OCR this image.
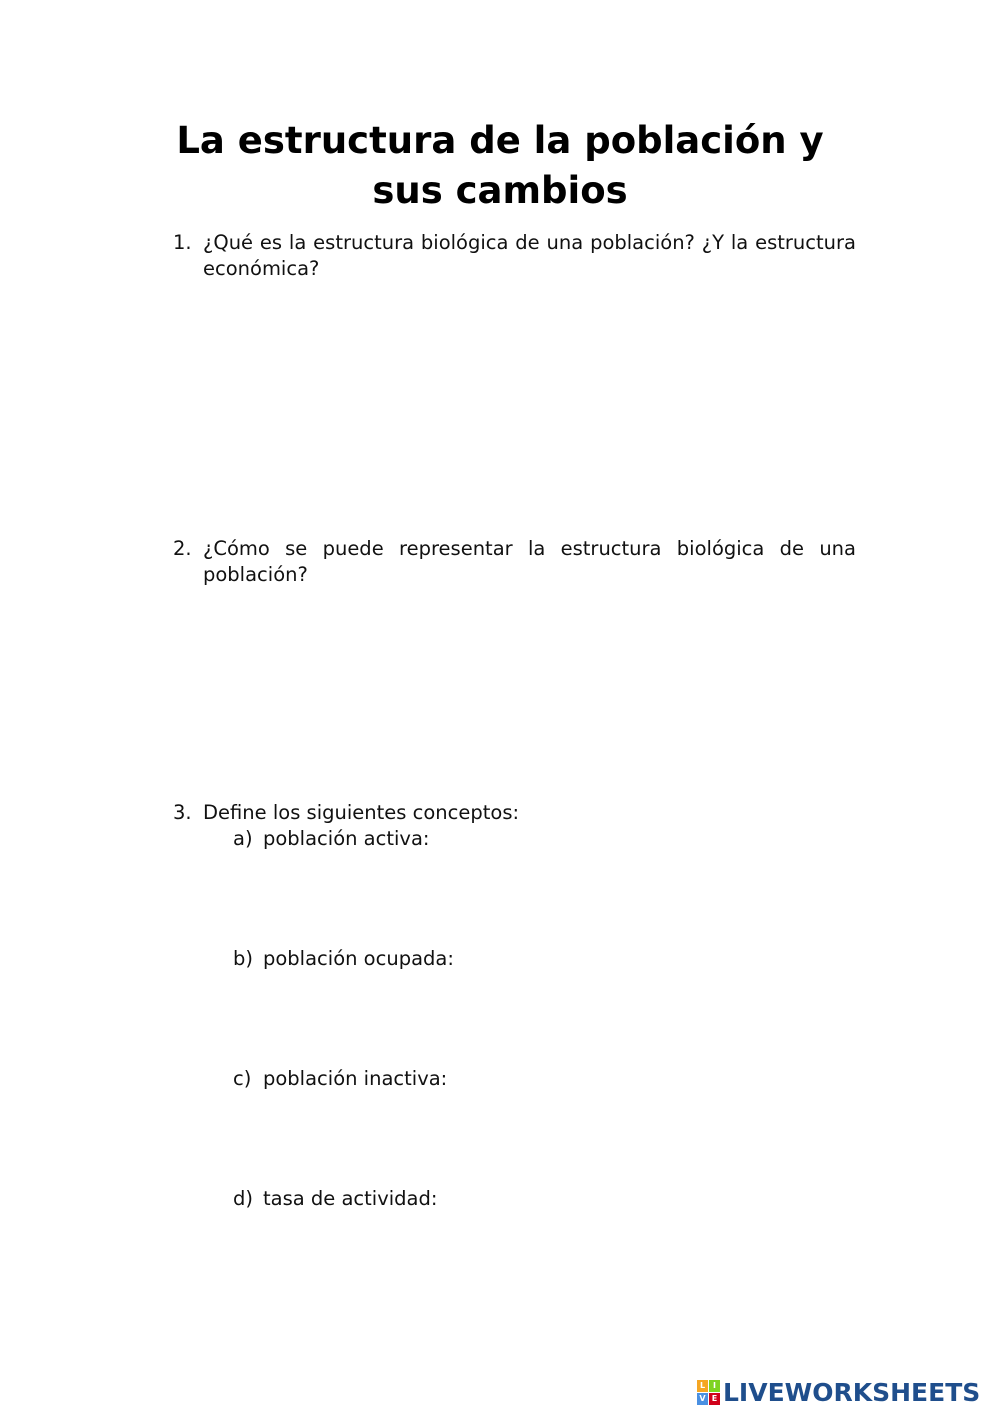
La estructura de la población y sus cambios
1. ¿Qué es la estructura biológica de una población? ¿Y la estructura económica?
2. ¿Cómo se puede representar la estructura biológica de una
población?
3. Define los siguientes conceptos:
a) población activa:
b) población ocupada:
c) población inactiva:
d) tasa de actividad:
L I
V E LIVEWORKSHEETS
